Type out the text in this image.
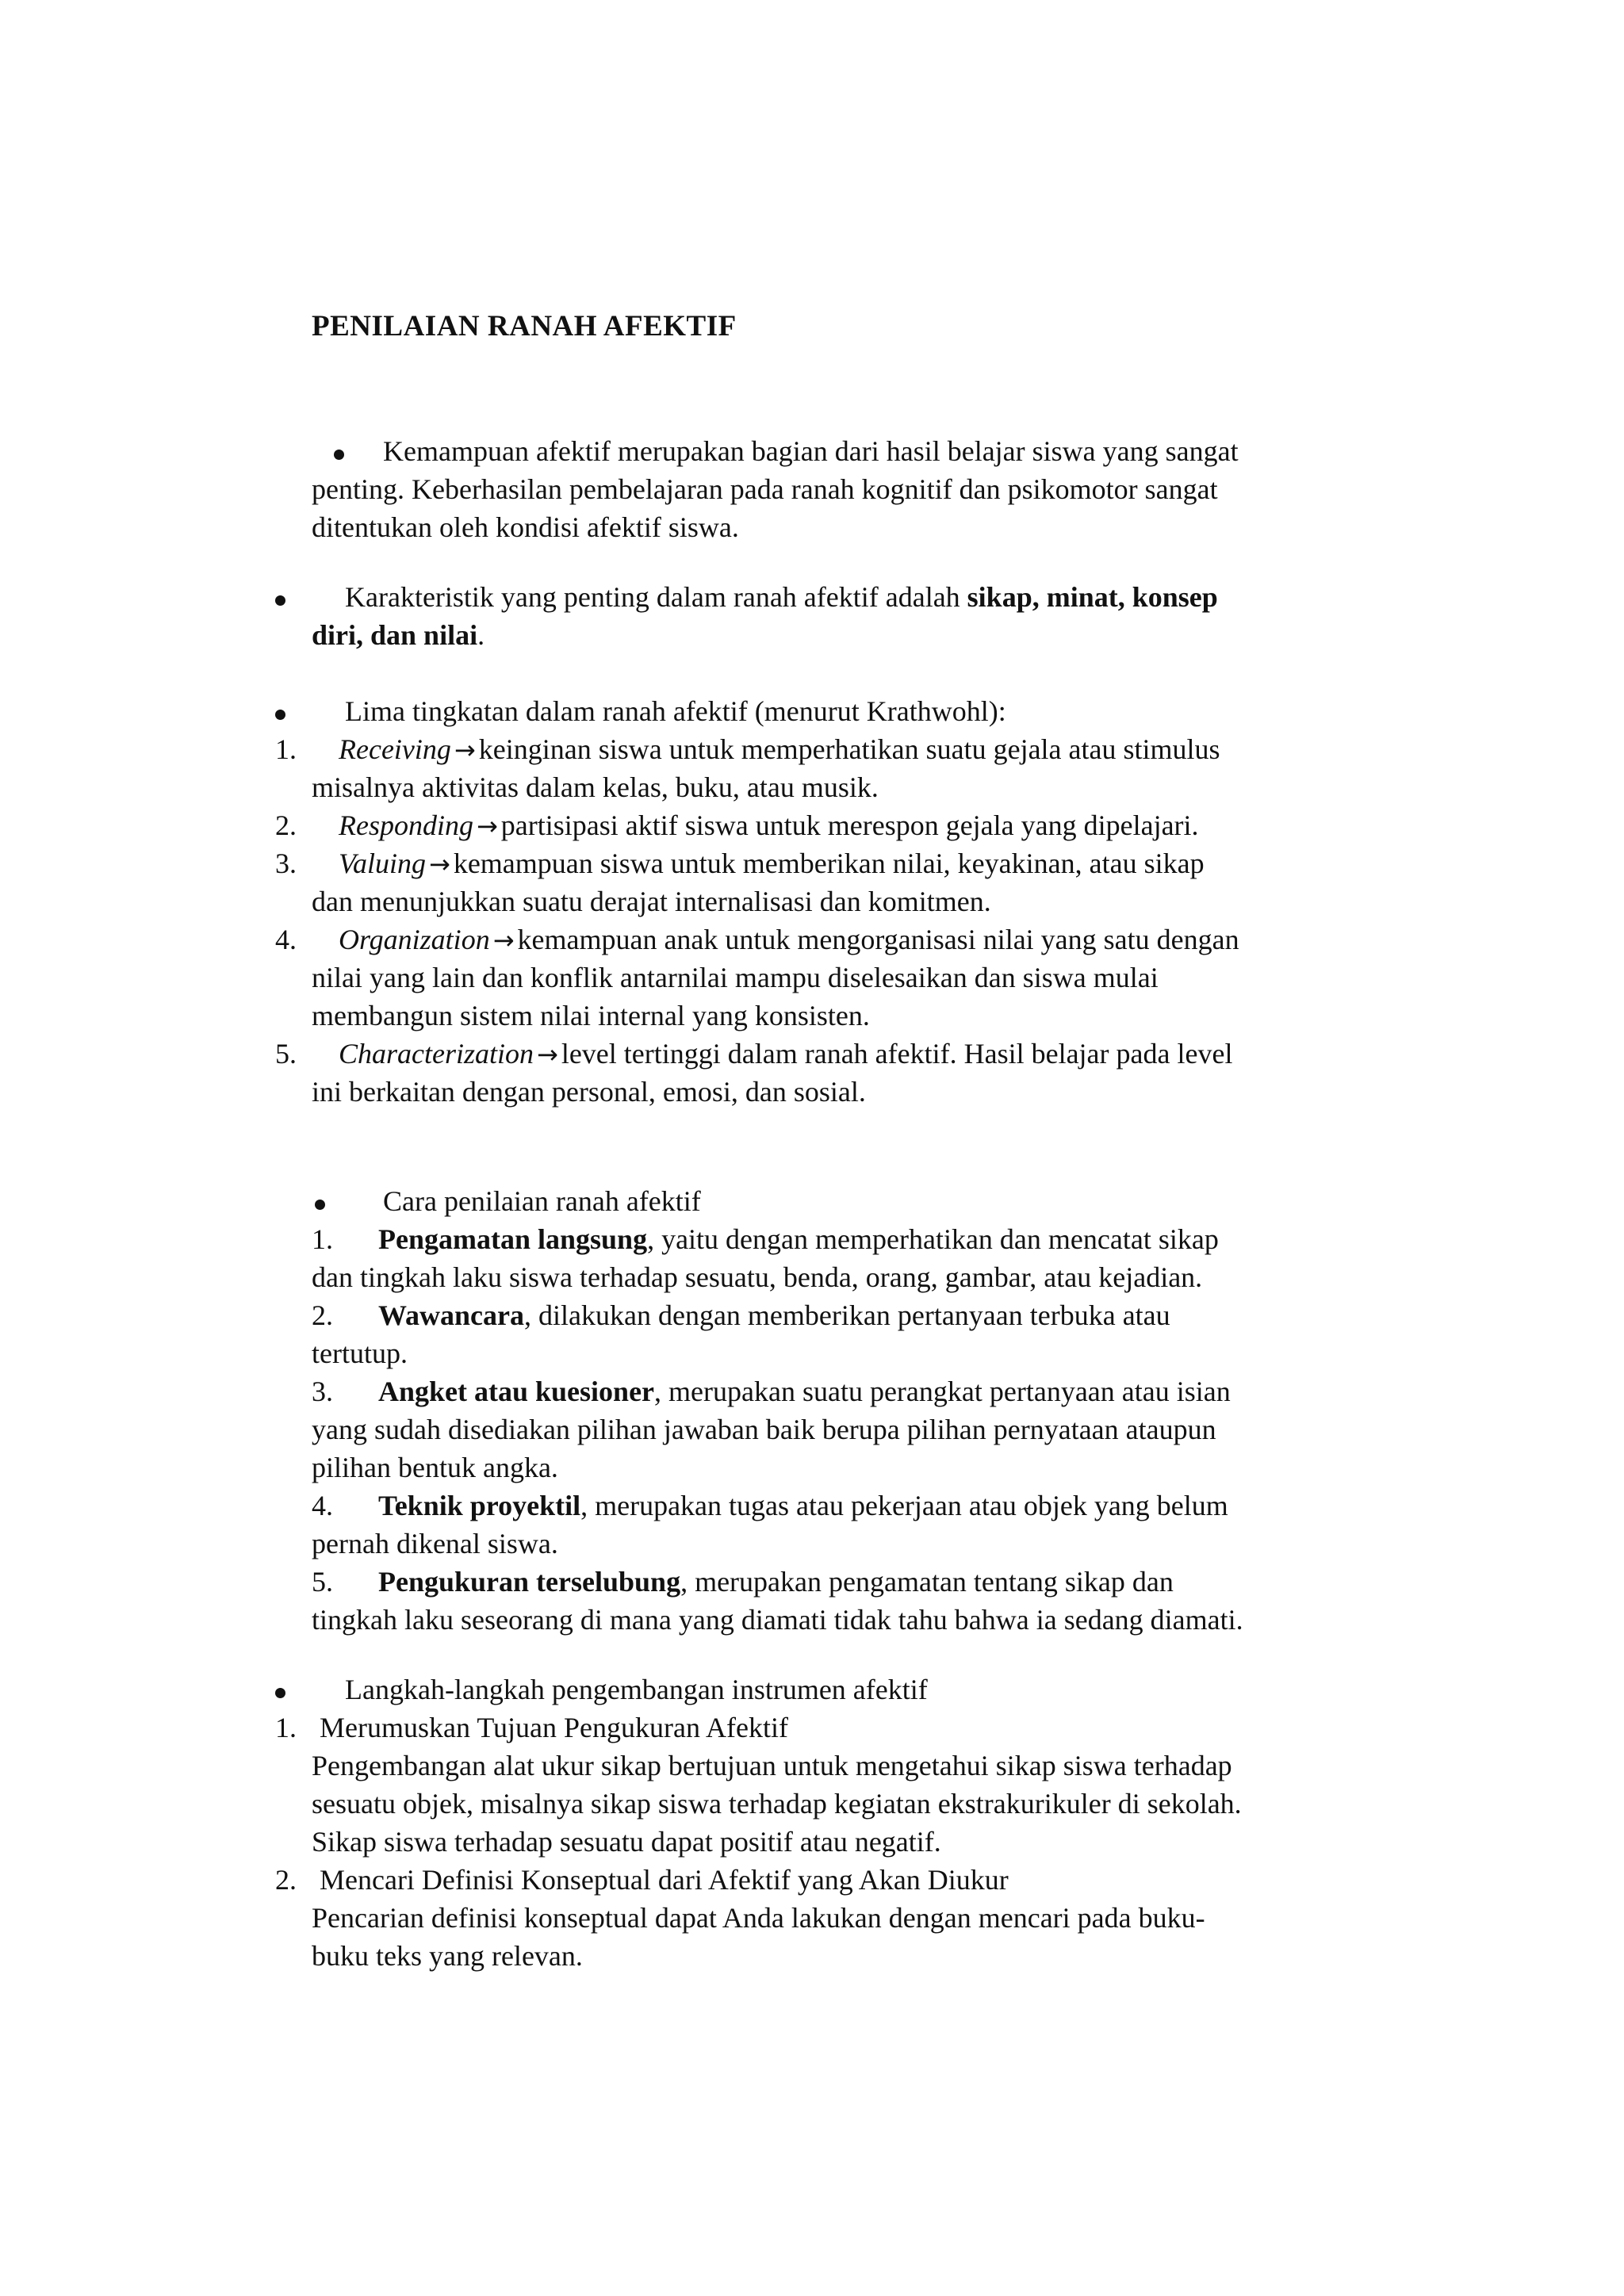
PENILAIAN RANAH AFEKTIF
Kemampuan afektif merupakan bagian dari hasil belajar siswa yang sangat
penting. Keberhasilan pembelajaran pada ranah kognitif dan psikomotor sangat
ditentukan oleh kondisi afektif siswa.
Karakteristik yang penting dalam ranah afektif adalah sikap, minat, konsep
diri, dan nilai.
Lima tingkatan dalam ranah afektif (menurut Krathwohl):
1. Receiving → keinginan siswa untuk memperhatikan suatu gejala atau stimulus
misalnya aktivitas dalam kelas, buku, atau musik.
2. Responding → partisipasi aktif siswa untuk merespon gejala yang dipelajari.
3. Valuing → kemampuan siswa untuk memberikan nilai, keyakinan, atau sikap
dan menunjukkan suatu derajat internalisasi dan komitmen.
4. Organization → kemampuan anak untuk mengorganisasi nilai yang satu dengan
nilai yang lain dan konflik antarnilai mampu diselesaikan dan siswa mulai
membangun sistem nilai internal yang konsisten.
5. Characterization → level tertinggi dalam ranah afektif. Hasil belajar pada level
ini berkaitan dengan personal, emosi, dan sosial.
Cara penilaian ranah afektif
1. Pengamatan langsung, yaitu dengan memperhatikan dan mencatat sikap
dan tingkah laku siswa terhadap sesuatu, benda, orang, gambar, atau kejadian.
2. Wawancara, dilakukan dengan memberikan pertanyaan terbuka atau
tertutup.
3. Angket atau kuesioner, merupakan suatu perangkat pertanyaan atau isian
yang sudah disediakan pilihan jawaban baik berupa pilihan pernyataan ataupun
pilihan bentuk angka.
4. Teknik proyektil, merupakan tugas atau pekerjaan atau objek yang belum
pernah dikenal siswa.
5. Pengukuran terselubung, merupakan pengamatan tentang sikap dan
tingkah laku seseorang di mana yang diamati tidak tahu bahwa ia sedang diamati.
Langkah-langkah pengembangan instrumen afektif
1. Merumuskan Tujuan Pengukuran Afektif
Pengembangan alat ukur sikap bertujuan untuk mengetahui sikap siswa terhadap
sesuatu objek, misalnya sikap siswa terhadap kegiatan ekstrakurikuler di sekolah.
Sikap siswa terhadap sesuatu dapat positif atau negatif.
2. Mencari Definisi Konseptual dari Afektif yang Akan Diukur
Pencarian definisi konseptual dapat Anda lakukan dengan mencari pada buku-
buku teks yang relevan.
